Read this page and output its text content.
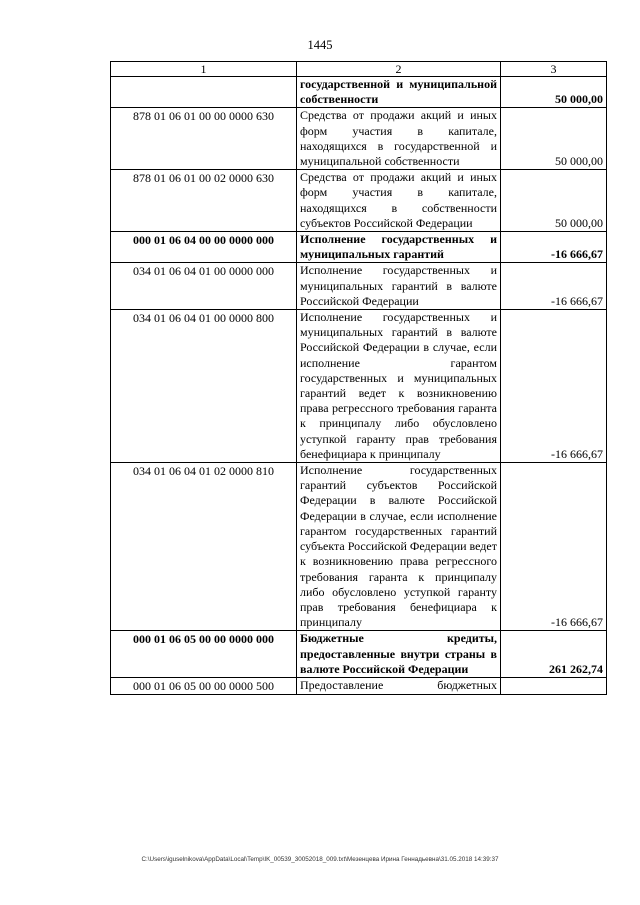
1445
1	2	3

	государственной и муниципальной собственности	50 000,00
878 01 06 01 00 00 0000 630	Средства от продажи акций и иных форм участия в капитале, находящихся в государственной и муниципальной собственности	50 000,00
878 01 06 01 00 02 0000 630	Средства от продажи акций и иных форм участия в капитале, находящихся в собственности субъектов Российской Федерации	50 000,00
000 01 06 04 00 00 0000 000	Исполнение государственных и муниципальных гарантий	-16 666,67
034 01 06 04 01 00 0000 000	Исполнение государственных и муниципальных гарантий в валюте Российской Федерации	-16 666,67
034 01 06 04 01 00 0000 800	Исполнение государственных и муниципальных гарантий в валюте Российской Федерации в случае, если исполнение гарантом государственных и муниципальных гарантий ведет к возникновению права регрессного требования гаранта к принципалу либо обусловлено уступкой гаранту прав требования бенефициара к принципалу	-16 666,67
034 01 06 04 01 02 0000 810	Исполнение государственных гарантий субъектов Российской Федерации в валюте Российской Федерации в случае, если исполнение гарантом государственных гарантий субъекта Российской Федерации ведет к возникновению права регрессного требования гаранта к принципалу либо обусловлено уступкой гаранту прав требования бенефициара к принципалу	-16 666,67
000 01 06 05 00 00 0000 000	Бюджетные кредиты, предоставленные внутри страны в валюте Российской Федерации	261 262,74
000 01 06 05 00 00 0000 500	Предоставление бюджетных	
C:\Users\iguselnikova\AppData\Local\Temp\IK_00539_30052018_009.txt\Мезенцева Ирина Геннадьевна\31.05.2018 14:39:37
